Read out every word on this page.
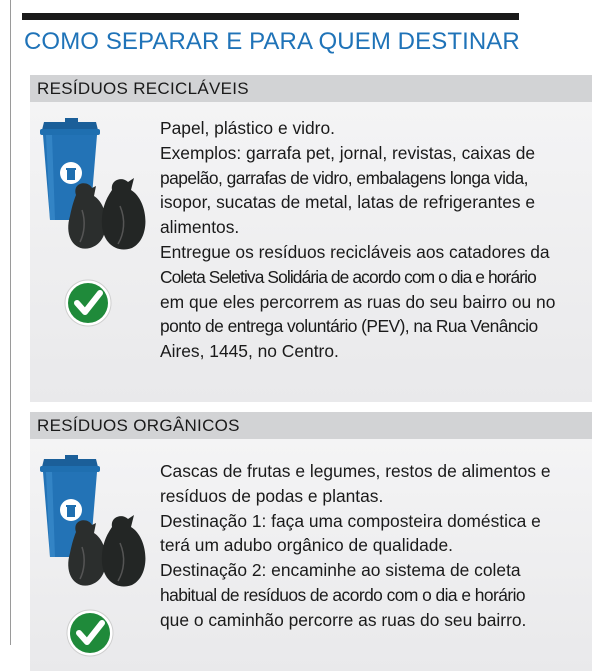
COMO SEPARAR E PARA QUEM DESTINAR
RESÍDUOS RECICLÁVEIS

Papel, plástico e vidro.

Exemplos: garrafa pet, jornal, revistas, caixas de

papelão, garrafas de vidro, embalagens longa vida,

isopor, sucatas de metal, latas de refrigerantes e

alimentos.

Entregue os resíduos recicláveis aos catadores da

Coleta Seletiva Solidária de acordo com o dia e horário

em que eles percorrem as ruas do seu bairro ou no

ponto de entrega voluntário (PEV), na Rua Venâncio

Aires, 1445, no Centro.

RESÍDUOS ORGÂNICOS

Cascas de frutas e legumes, restos de alimentos e

resíduos de podas e plantas.

Destinação 1: faça uma composteira doméstica e

terá um adubo orgânico de qualidade.

Destinação 2: encaminhe ao sistema de coleta

habitual de resíduos de acordo com o dia e horário

que o caminhão percorre as ruas do seu bairro.
